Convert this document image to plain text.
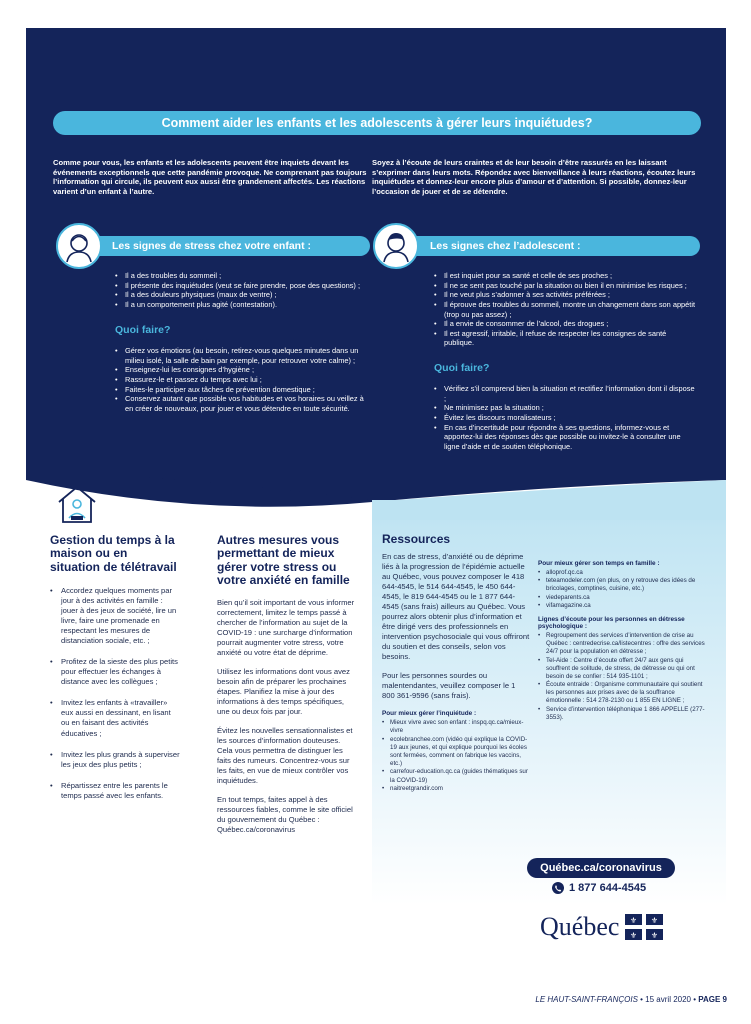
Comment aider les enfants et les adolescents à gérer leurs inquiétudes?
Comme pour vous, les enfants et les adolescents peuvent être inquiets devant les événements exceptionnels que cette pandémie provoque. Ne comprenant pas toujours l’information qui circule, ils peuvent eux aussi être grandement affectés. Les réactions varient d’un enfant à l’autre.
Soyez à l’écoute de leurs craintes et de leur besoin d’être rassurés en les laissant s’exprimer dans leurs mots. Répondez avec bienveillance à leurs réactions, écoutez leurs inquiétudes et donnez-leur encore plus d’amour et d’attention. Si possible, donnez-leur l’occasion de jouer et de se détendre.
Les signes de stress chez votre enfant :
• Il a des troubles du sommeil ;
• Il présente des inquiétudes (veut se faire prendre, pose des questions) ;
• Il a des douleurs physiques (maux de ventre) ;
• Il a un comportement plus agité (contestation).
Quoi faire?
• Gérez vos émotions (au besoin, retirez-vous quelques minutes dans un milieu isolé, la salle de bain par exemple, pour retrouver votre calme) ;
• Enseignez-lui les consignes d’hygiène ;
• Rassurez-le et passez du temps avec lui ;
• Faites-le participer aux tâches de prévention domestique ;
• Conservez autant que possible vos habitudes et vos horaires ou veillez à en créer de nouveaux, pour jouer et vous détendre en toute sécurité.
Les signes chez l’adolescent :
• Il est inquiet pour sa santé et celle de ses proches ;
• Il ne se sent pas touché par la situation ou bien il en minimise les risques ;
• Il ne veut plus s’adonner à ses activités préférées ;
• Il éprouve des troubles du sommeil, montre un changement dans son appétit (trop ou pas assez) ;
• Il a envie de consommer de l’alcool, des drogues ;
• Il est agressif, irritable, il refuse de respecter les consignes de santé publique.
Quoi faire?
• Vérifiez s’il comprend bien la situation et rectifiez l’information dont il dispose ;
• Ne minimisez pas la situation ;
• Évitez les discours moralisateurs ;
• En cas d’incertitude pour répondre à ses questions, informez-vous et apportez-lui des réponses dès que possible ou invitez-le à consulter une ligne d’aide et de soutien téléphonique.
Gestion du temps à la maison ou en situation de télétravail
• Accordez quelques moments par jour à des activités en famille : jouer à des jeux de société, lire un livre, faire une promenade en respectant les mesures de distanciation sociale, etc. ;
• Profitez de la sieste des plus petits pour effectuer les échanges à distance avec les collègues ;
• Invitez les enfants à «travailler» eux aussi en dessinant, en lisant ou en faisant des activités éducatives ;
• Invitez les plus grands à superviser les jeux des plus petits ;
• Répartissez entre les parents le temps passé avec les enfants.
Autres mesures vous permettant de mieux gérer votre stress ou votre anxiété en famille

Bien qu’il soit important de vous informer correctement, limitez le temps passé à chercher de l’information au sujet de la COVID-19 : une surcharge d’information pourrait augmenter votre stress, votre anxiété ou votre état de déprime.

Utilisez les informations dont vous avez besoin afin de préparer les prochaines étapes. Planifiez la mise à jour des informations à des temps spécifiques, une ou deux fois par jour.

Évitez les nouvelles sensationnalistes et les sources d’information douteuses. Cela vous permettra de distinguer les faits des rumeurs. Concentrez-vous sur les faits, en vue de mieux contrôler vos inquiétudes.

En tout temps, faites appel à des ressources fiables, comme le site officiel du gouvernement du Québec : Québec.ca/coronavirus

Ressources

En cas de stress, d’anxiété ou de déprime liés à la progression de l’épidémie actuelle au Québec, vous pouvez composer le 418 644-4545, le 514 644-4545, le 450 644-4545, le 819 644-4545 ou le 1 877 644-4545 (sans frais) ailleurs au Québec. Vous pourrez alors obtenir plus d’information et être dirigé vers des professionnels en intervention psychosociale qui vous offriront du soutien et des conseils, selon vos besoins.

Pour les personnes sourdes ou malentendantes, veuillez composer le 1 800 361-9596 (sans frais).

Pour mieux gérer l’inquiétude :
• Mieux vivre avec son enfant : inspq.qc.ca/mieux-vivre
• ecolebranchee.com (vidéo qui explique la COVID-19 aux jeunes, et qui explique pourquoi les écoles sont fermées, comment on fabrique les vaccins, etc.)
• carrefour-education.qc.ca (guides thématiques sur la COVID-19)
• naitreetgrandir.com
Pour mieux gérer son temps en famille :
• alloprof.qc.ca
• teteamodeler.com (en plus, on y retrouve des idées de bricolages, comptines, cuisine, etc.)
• viedeparents.ca
• vifamagazine.ca
Lignes d’écoute pour les personnes en détresse psychologique :
• Regroupement des services d’intervention de crise au Québec : centredecrise.ca/listecentres : offre des services 24/7 pour la population en détresse ;
• Tel-Aide : Centre d’écoute offert 24/7 aux gens qui souffrent de solitude, de stress, de détresse ou qui ont besoin de se confier : 514 935-1101 ;
• Écoute entraide : Organisme communautaire qui soutient les personnes aux prises avec de la souffrance émotionnelle : 514 278-2130 ou 1 855 EN LIGNE ;
• Service d’intervention téléphonique 1 866 APPELLE (277-3553).
Québec.ca/coronavirus
1 877 644-4545
Québec ⚜ ⚜
⚜ ⚜
LE HAUT-SAINT-FRANÇOIS • 15 avril 2020 • PAGE 9
